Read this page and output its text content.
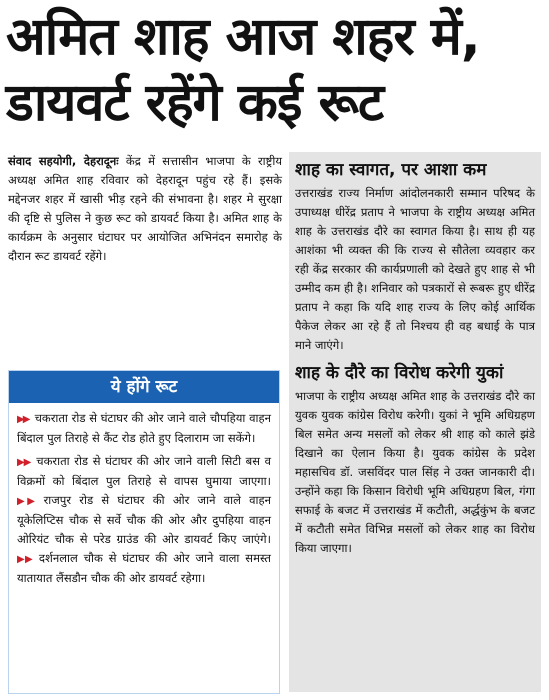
अमित शाह आज शहर में, डायवर्ट रहेंगे कई रूट

संवाद सहयोगी, देहरादूनः केंद्र में सत्तासीन भाजपा के राष्ट्रीय अध्यक्ष अमित शाह रविवार को देहरादून पहुंच रहे हैं। इसके मद्देनजर शहर में खासी भीड़ रहने की संभावना है। शहर मे सुरक्षा की दृष्टि से पुलिस ने कुछ रूट को डायवर्ट किया है। अमित शाह के कार्यक्रम के अनुसार घंटाघर पर आयोजित अभिनंदन समारोह के दौरान रूट डायवर्ट रहेंगे।

ये होंगे रूट

▶▶ चकराता रोड से घंटाघर की ओर जाने वाले चौपहिया वाहन बिंदाल पुल तिराहे से कैंट रोड होते हुए दिलाराम जा सकेंगे।

▶▶ चकराता रोड से घंटाघर की ओर जाने वाली सिटी बस व विक्रमों को बिंदाल पुल तिराहे से वापस घुमाया जाएगा। ▶▶ राजपुर रोड से घंटाघर की ओर जाने वाले वाहन यूकेलिप्टिस चौक से सर्वे चौक की ओर और दुपहिया वाहन ओरियंट चौक से परेड ग्राउंड की ओर डायवर्ट किए जाएंगे। ▶▶ दर्शनलाल चौक से घंटाघर की ओर जाने वाला समस्त यातायात लैंसडौन चौक की ओर डायवर्ट रहेगा।

शाह का स्वागत, पर आशा कम

उत्तराखंड राज्य निर्माण आंदोलनकारी सम्मान परिषद के उपाध्यक्ष धीरेंद्र प्रताप ने भाजपा के राष्ट्रीय अध्यक्ष अमित शाह के उत्तराखंड दौरे का स्वागत किया है। साथ ही यह आशंका भी व्यक्त की कि राज्य से सौतेला व्यवहार कर रही केंद्र सरकार की कार्यप्रणाली को देखते हुए शाह से भी उम्मीद कम ही है। शनिवार को पत्रकारों से रूबरू हुए धीरेंद्र प्रताप ने कहा कि यदि शाह राज्य के लिए कोई आर्थिक पैकेज लेकर आ रहे हैं तो निश्चय ही वह बधाई के पात्र माने जाएंगे।

शाह के दौरे का विरोध करेगी युकां

भाजपा के राष्ट्रीय अध्यक्ष अमित शाह के उत्तराखंड दौरे का युवक युवक कांग्रेस विरोध करेगी। युकां ने भूमि अधिग्रहण बिल समेत अन्य मसलों को लेकर श्री शाह को काले झंडे दिखाने का ऐलान किया है। युवक कांग्रेस के प्रदेश महासचिव डॉ. जसविंदर पाल सिंह ने उक्त जानकारी दी। उन्होंने कहा कि किसान विरोधी भूमि अधिग्रहण बिल, गंगा सफाई के बजट में उत्तराखंड में कटौती, अर्द्धकुंभ के बजट में कटौती समेत विभिन्न मसलों को लेकर शाह का विरोध किया जाएगा।
